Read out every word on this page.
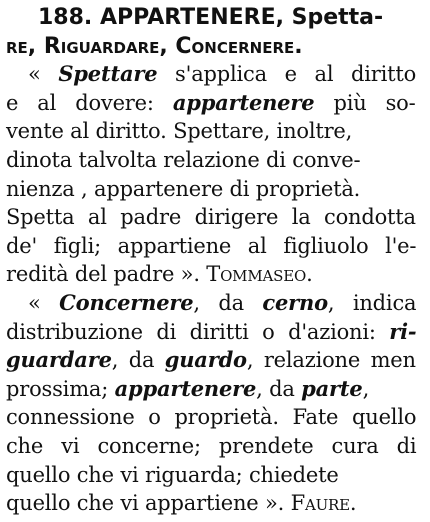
188. APPARTENERE, Spetta-
re, Riguardare, Concernere.
« Spettare s'applica e al diritto
e al dovere: appartenere più so-
vente al diritto. Spettare, inoltre,
dinota talvolta relazione di conve-
nienza , appartenere di proprietà.
Spetta al padre dirigere la condotta
de' figli; appartiene al figliuolo l'e-
redità del padre ». Tommaseo.
« Concernere, da cerno, indica
distribuzione di diritti o d'azioni: ri-
guardare, da guardo, relazione men
prossima; appartenere, da parte,
connessione o proprietà. Fate quello
che vi concerne; prendete cura di
quello che vi riguarda; chiedete
quello che vi appartiene ». Faure.
